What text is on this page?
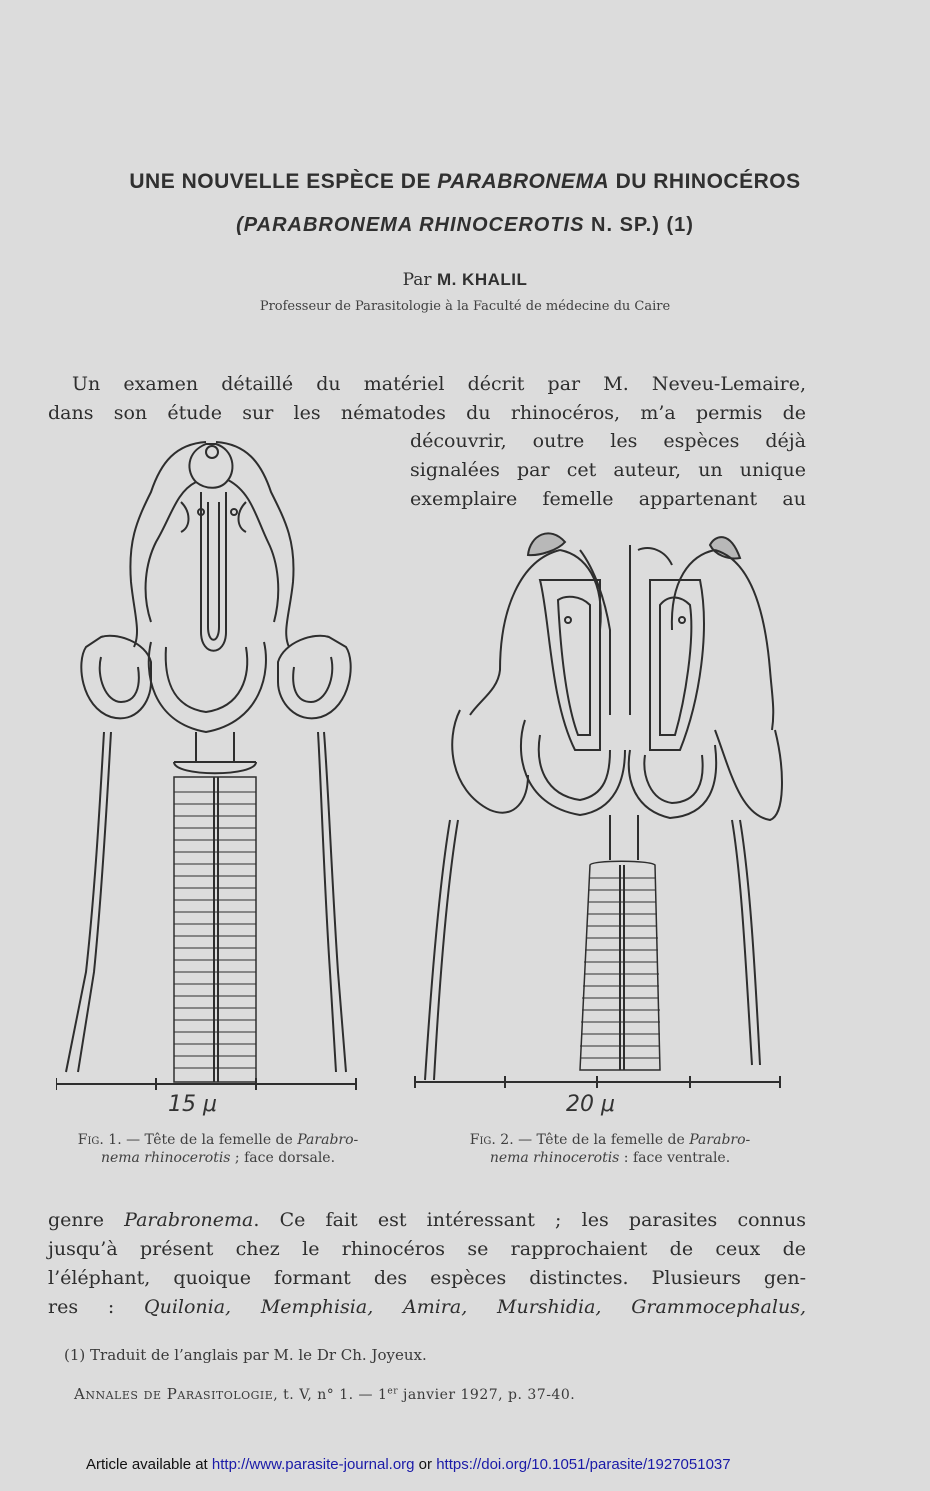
UNE NOUVELLE ESPÈCE DE PARABRONEMA DU RHINOCÉROS
(PARABRONEMA RHINOCEROTIS N. SP.) (1)
Par M. KHALIL
Professeur de Parasitologie à la Faculté de médecine du Caire
Un examen détaillé du matériel décrit par M. Neveu-Lemaire,
dans son étude sur les nématodes du rhinocéros, m’a permis de
découvrir, outre les espèces déjà
signalées par cet auteur, un unique
exemplaire femelle appartenant au
15 μ	20 μ
Fig. 1. — Tête de la femelle de Parabro-
nema rhinocerotis ; face dorsale.
Fig. 2. — Tête de la femelle de Parabro-
nema rhinocerotis : face ventrale.
genre Parabronema. Ce fait est intéressant ; les parasites connus
jusqu’à présent chez le rhinocéros se rapprochaient de ceux de
l’éléphant, quoique formant des espèces distinctes. Plusieurs gen-
res : Quilonia, Memphisia, Amira, Murshidia, Grammocephalus,
(1) Traduit de l’anglais par M. le Dr Ch. Joyeux.
Annales de Parasitologie, t. V, n° 1. — 1er janvier 1927, p. 37-40.
Article available at http://www.parasite-journal.org or https://doi.org/10.1051/parasite/1927051037
